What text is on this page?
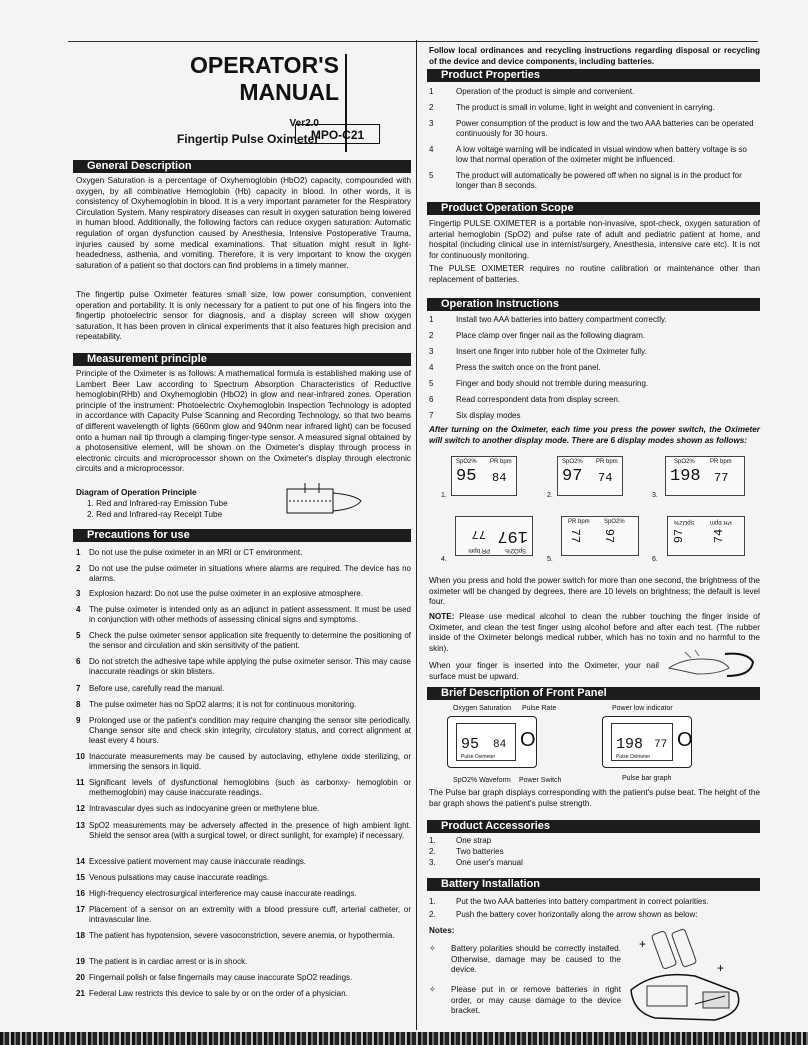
OPERATOR'S
MANUAL
Ver2.0
Fingertip Pulse Oximeter
MPO-C21
General Description
Oxygen Saturation is a percentage of Oxyhemoglobin (HbO2) capacity, compounded with oxygen, by all combinative Hemoglobin (Hb) capacity in blood. In other words, it is consistency of Oxyhemoglobin in blood. It is a very important parameter for the Respiratory Circulation System. Many respiratory diseases can result in oxygen saturation being lowered in human blood. Additionally, the following factors can reduce oxygen saturation: Automatic regulation of organ dysfunction caused by Anesthesia, Intensive Postoperative Trauma, injuries caused by some medical examinations. That situation might result in light-headedness, asthenia, and vomiting. Therefore, it is very important to know the oxygen saturation of a patient so that doctors can find problems in a timely manner.
The fingertip pulse Oximeter features small size, low power consumption, convenient operation and portability. It is only necessary for a patient to put one of his fingers into the fingertip photoelectric sensor for diagnosis, and a display screen will show oxygen saturation. It has been proven in clinical experiments that it also features high precision and repeatability.
Measurement principle
Principle of the Oximeter is as follows: A mathematical formula is established making use of Lambert Beer Law according to Spectrum Absorption Characteristics of Reductive hemoglobin(RHb) and Oxyhemoglobin (HbO2) in glow and near-infrared zones. Operation principle of the instrument: Photoelectric Oxyhemoglobin Inspection Technology is adopted in accordance with Capacity Pulse Scanning and Recording Technology, so that two beams of different wavelength of lights (660nm glow and 940nm near infrared light) can be focused onto a human nail tip through a clamping finger-type sensor. A measured signal obtained by a photosensitive element, will be shown on the Oximeter's display through process in electronic circuits and microprocessor shown on the Oximeter's display through electronic circuits and a microprocessor.
Diagram of Operation Principle
1. Red and Infrared-ray Emission Tube
2. Red and Infrared-ray Receipt Tube
Precautions for use
1 Do not use the pulse oximeter in an MRI or CT environment.
2 Do not use the pulse oximeter in situations where alarms are required. The device has no alarms.
3 Explosion hazard: Do not use the pulse oximeter in an explosive atmosphere.
4 The pulse oximeter is intended only as an adjunct in patient assessment. It must be used in conjunction with other methods of assessing clinical signs and symptoms.
5 Check the pulse oximeter sensor application site frequently to determine the positioning of the sensor and circulation and skin sensitivity of the patient.
6 Do not stretch the adhesive tape while applying the pulse oximeter sensor. This may cause inaccurate readings or skin blisters.
7 Before use, carefully read the manual.
8 The pulse oximeter has no SpO2 alarms; it is not for continuous monitoring.
9 Prolonged use or the patient's condition may require changing the sensor site periodically. Change sensor site and check skin integrity, circulatory status, and correct alignment at least every 4 hours.
10 Inaccurate measurements may be caused by autoclaving, ethylene oxide sterilizing, or immersing the sensors in liquid.
11 Significant levels of dysfunctional hemoglobins (such as carbonxy- hemoglobin or methemoglobin) may cause inaccurate readings.
12 Intravascular dyes such as indocyanine green or methylene blue.
13 SpO2 measurements may be adversely affected in the presence of high ambient light. Shield the sensor area (with a surgical towel, or direct sunlight, for example) if necessary.
14 Excessive patient movement may cause inaccurate readings.
15 Venous pulsations may cause inaccurate readings.
16 High-frequency electrosurgical interference may cause inaccurate readings.
17 Placement of a sensor on an extremity with a blood pressure cuff, arterial catheter, or intravascular line.
18 The patient has hypotension, severe vasoconstriction, severe anemia, or hypothermia.
19 The patient is in cardiac arrest or is in shock.
20 Fingernail polish or false fingernails may cause inaccurate SpO2 readings.
21 Federal Law restricts this device to sale by or on the order of a physician.
Follow local ordinances and recycling instructions regarding disposal or recycling of the device and device components, including batteries.
Product Properties
1	Operation of the product is simple and convenient.
2	The product is small in volume, light in weight and convenient in carrying.
3	Power consumption of the product is low and the two AAA batteries can be operated continuously for 30 hours.
4	A low voltage warning will be indicated in visual window when battery voltage is so low that normal operation of the oximeter might be influenced.
5	The product will automatically be powered off when no signal is in the product for longer than 8 seconds.
Product Operation Scope
Fingertip PULSE OXIMETER is a portable non-invasive, spot-check, oxygen saturation of arterial hemoglobin (SpO2) and pulse rate of adult and pediatric patient at home, and hospital (including clinical use in internist/surgery, Anesthesia, intensive care etc). It is not for continuously monitoring.
The PULSE OXIMETER requires no routine calibration or maintenance other than replacement of batteries.
Operation Instructions
1	Install two AAA batteries into battery compartment correctly.
2	Place clamp over finger nail as the following diagram.
3	Insert one finger into rubber hole of the Oximeter fully.
4	Press the switch once on the front panel.
5	Finger and body should not tremble during measuring.
6	Read correspondent data from display screen.
7	Six display modes
After turning on the Oximeter, each time you press the power switch, the Oximeter will switch to another display mode. There are 6 display modes shown as follows:
1.
SpO2% PR bpm
95 84
2.
SpO2% PR bpm
97 74
3.
SpO2%	PR bpm
198 77
4.
SpO2%
PR bpm
197
77
5.
PR bpm SpO2%
77 97
6.
SpO2%	PR bpm
97 74
When you press and hold the power switch for more than one second, the brightness of the oximeter will be changed by degrees, there are 10 levels on brightness; the default is level four.
NOTE: Please use medical alcohol to clean the rubber touching the finger inside of Oximeter, and clean the test finger using alcohol before and after each test. (The rubber inside of the Oximeter belongs medical rubber, which has no toxin and no harmful to the skin).
When your finger is inserted into the Oximeter, your nail surface must be upward.
Brief Description of Front Panel
Oxygen Saturation	Pulse Rate	Power low indicator
95 84
Pulse Oximeter
O	198 77
Pulse Oximeter
O
SpO2% Waveform	Power Switch	Pulse bar graph
The Pulse bar graph displays corresponding with the patient's pulse beat. The height of the bar graph shows the patient's pulse strength.
Product Accessories
1.	One strap
2.	Two batteries
3.	One user's manual
Battery Installation
1.	Put the two AAA batteries into battery compartment in correct polarities.
2.	Push the battery cover horizontally along the arrow shown as below:
Notes:
✧	Battery polarities should be correctly installed. Otherwise, damage may be caused to the device.
✧	Please put in or remove batteries in right order, or may cause damage to the device bracket.
+
+
